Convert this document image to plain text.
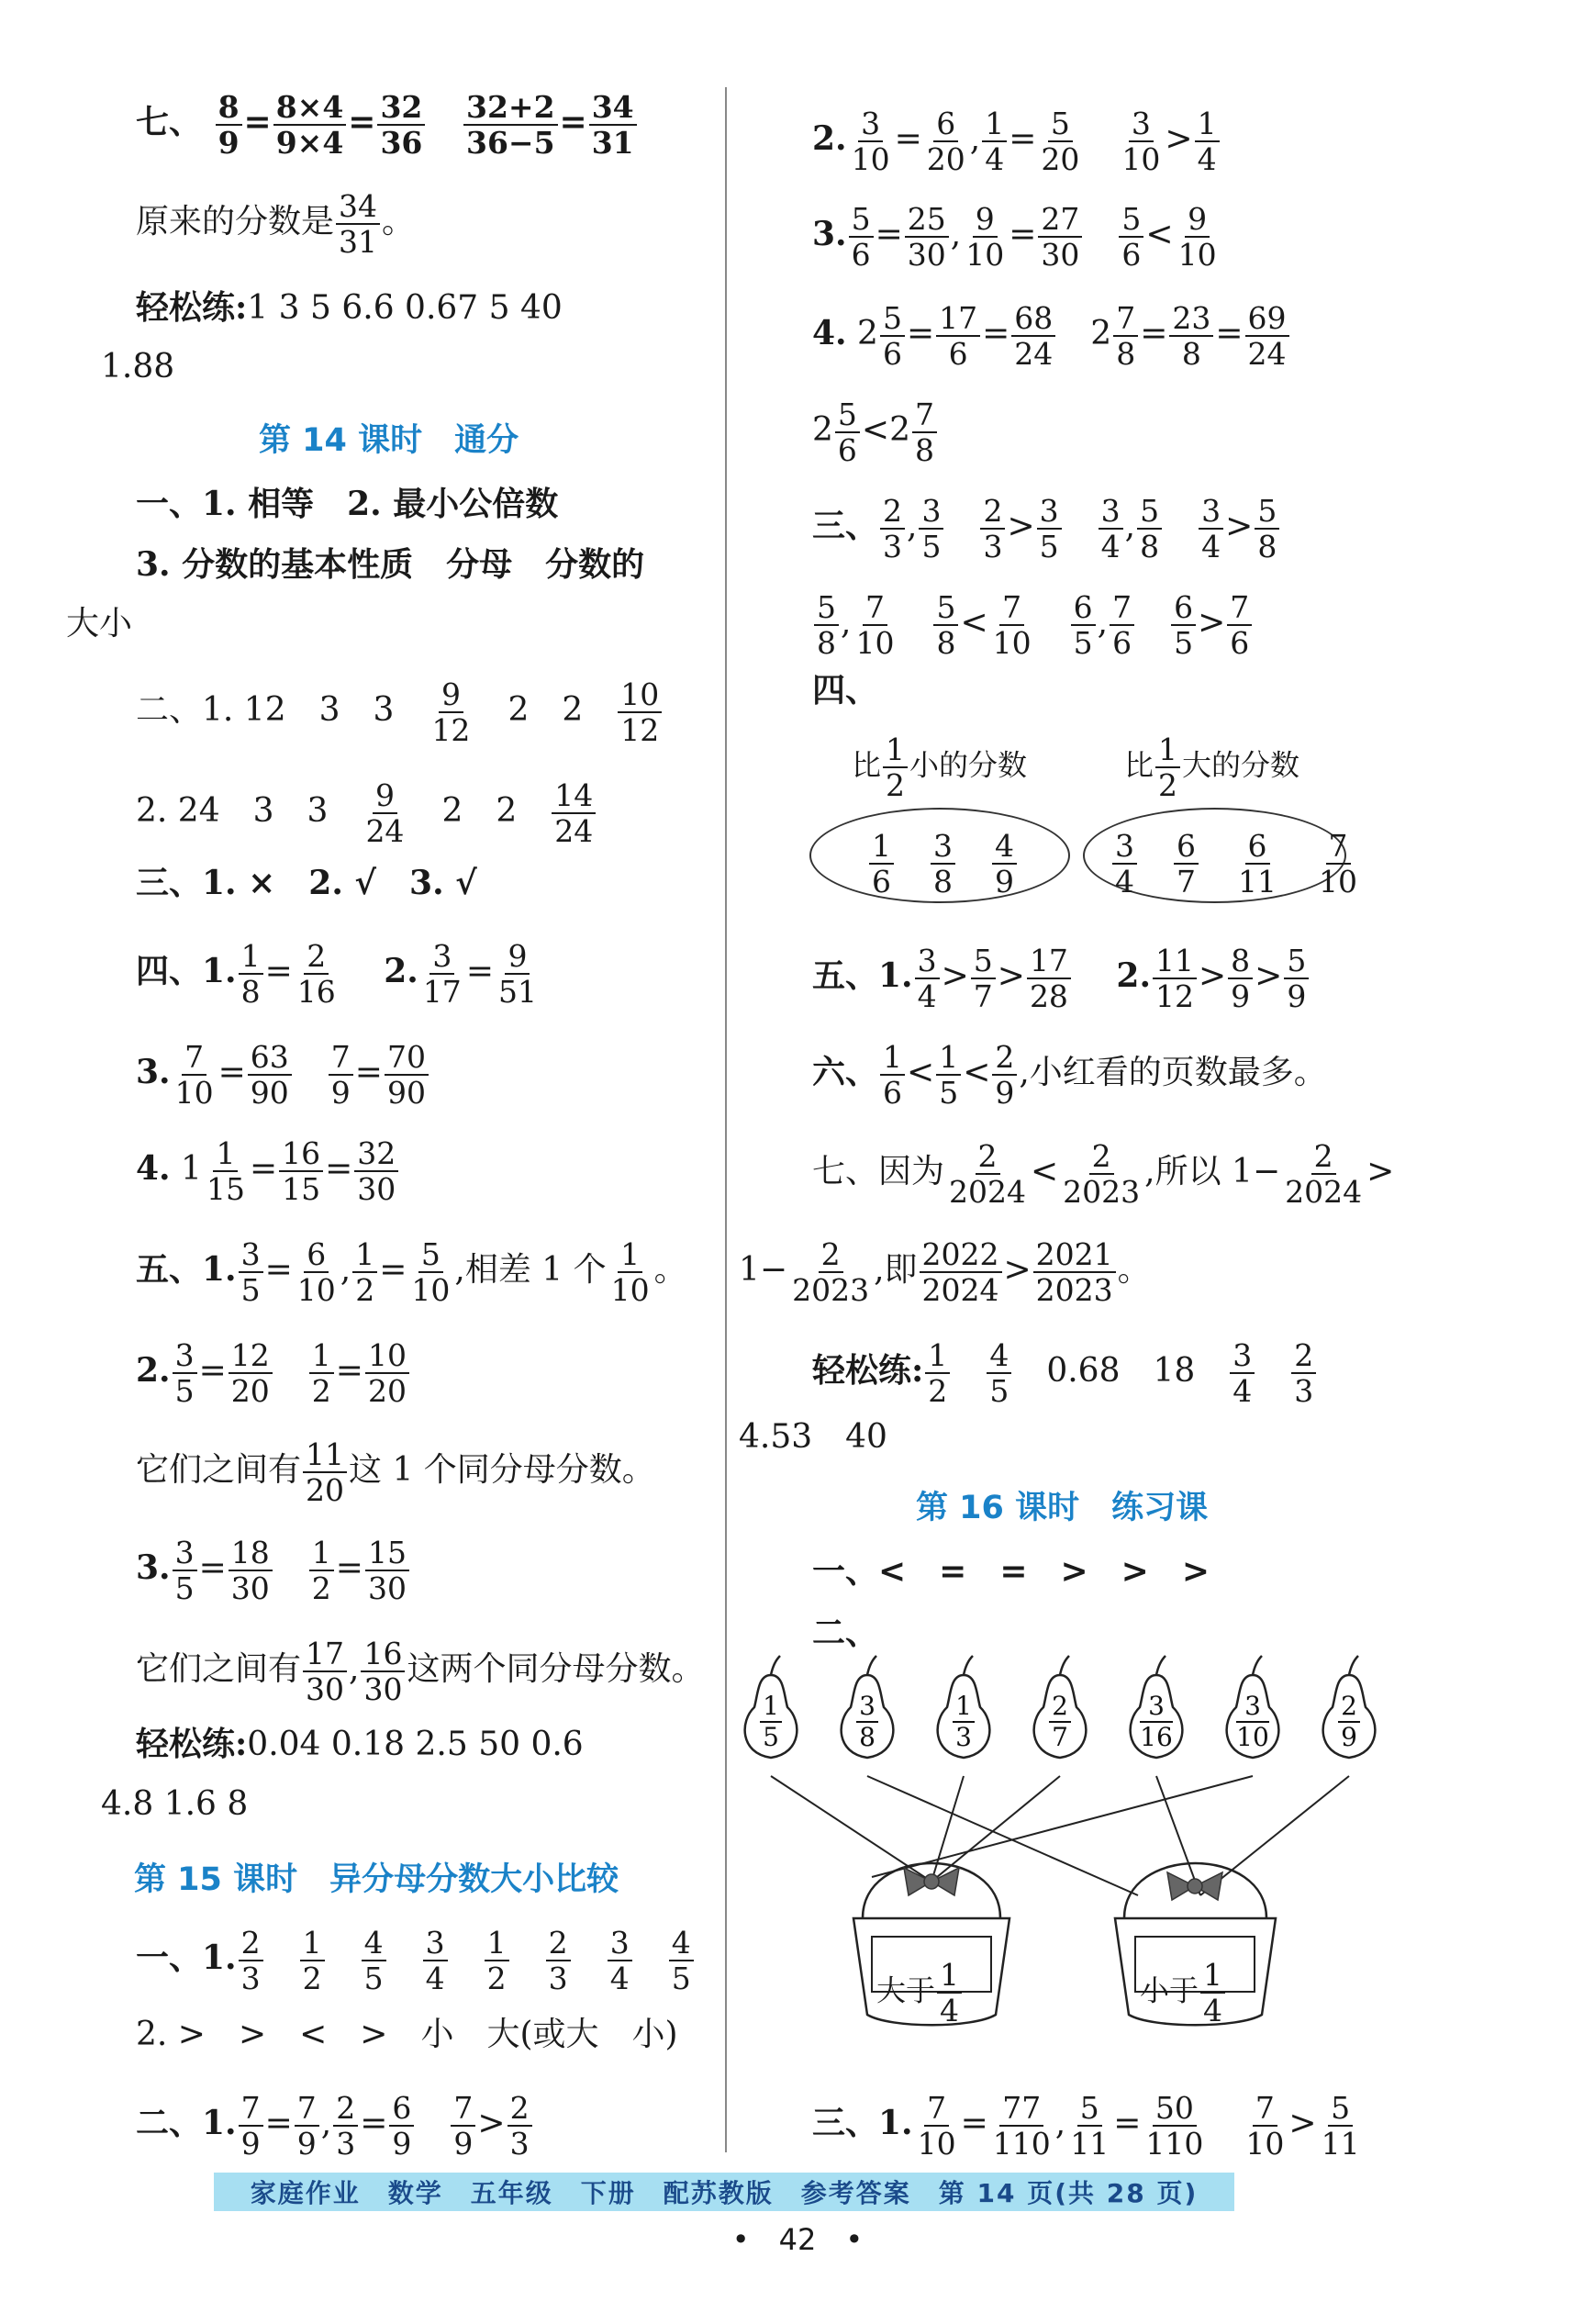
七、 $\frac{8}{9} = \frac{8\times 4}{9\times 4} = \frac{32}{36}$
$\frac{32+2}{36-5} = \frac{34}{31}$
原来的分数是 $\frac{34}{31}$ 。
轻松练:1 3 5 6.6 0.67 5 40
1.88
第 14 课时　通分
一、1. 相等　2. 最小公倍数
3. 分数的基本性质　分母　分数的
大小
二、1. 12　3　3　 $\frac{9}{12}$
　 2　2　 $\frac{10}{12}$
2. 24　3　3　 $\frac{9}{24}$
　 2　2　 $\frac{14}{24}$
三、1. ×　2. √　3. √
四、1. $\frac{1}{8} = \frac{2}{16}$
　 2. $\frac{3}{17} = \frac{9}{51}$
3. $\frac{7}{10} = \frac{63}{90}$
　 $\frac{7}{9} = \frac{70}{90}$
4. $1 \frac{1}{15} = \frac{16}{15} = \frac{32}{30}$
五、1. $\frac{3}{5} = \frac{6}{10}$ , $\frac{1}{2} = \frac{5}{10}$ ,相差 1 个 $\frac{1}{10}$ 。
2. $\frac{3}{5} = \frac{12}{20}$
　 $\frac{1}{2} = \frac{10}{20}$
它们之间有 $\frac{11}{20}$ 这 1 个同分母分数。
3. $\frac{3}{5} = \frac{18}{30}$
　 $\frac{1}{2} = \frac{15}{30}$
它们之间有 $\frac{17}{30}$ , $\frac{16}{30}$ 这两个同分母分数。
轻松练:0.04 0.18 2.5 50 0.6
4.8 1.6 8
第 15 课时　异分母分数大小比较
一、1. $\frac{2}{3}$
　 $\frac{1}{2}$
　 $\frac{4}{5}$
　 $\frac{3}{4}$
　 $\frac{1}{2}$
　 $\frac{2}{3}$
　 $\frac{3}{4}$
　 $\frac{4}{5}$
2. >　>　<　>　小　大(或大　小)
二、1. $\frac{7}{9} = \frac{7}{9}$ , $\frac{2}{3} = \frac{6}{9}$
　 $\frac{7}{9} > \frac{2}{3}$
2. $\frac{3}{10} = \frac{6}{20}$ , $\frac{1}{4} = \frac{5}{20}$
　 $\frac{3}{10} > \frac{1}{4}$
3. $\frac{5}{6} = \frac{25}{30}$ , $\frac{9}{10} = \frac{27}{30}$
　 $\frac{5}{6} < \frac{9}{10}$
4. $2 \frac{5}{6} = \frac{17}{6} = \frac{68}{24}$ 　$2 \frac{7}{8} = \frac{23}{8} = \frac{69}{24}$
$2 \frac{5}{6} <2 \frac{7}{8}$
三、 $\frac{2}{3}$ , $\frac{3}{5}$
　 $\frac{2}{3} > \frac{3}{5}$
　 $\frac{3}{4}$ , $\frac{5}{8}$
　 $\frac{3}{4} > \frac{5}{8}$
$\frac{5}{8}$ , $\frac{7}{10}$
　 $\frac{5}{8} < \frac{7}{10}$
　 $\frac{6}{5}$ , $\frac{7}{6}$
　 $\frac{6}{5} > \frac{7}{6}$
四、
比 $\frac{1}{2}$ 小的分数	比 $\frac{1}{2}$ 大的分数
$\frac{1}{6}$
　 $\frac{3}{8}$
　 $\frac{4}{9}$	$\frac{3}{4}$
　 $\frac{6}{7}$
　 $\frac{6}{11}$
　 $\frac{7}{10}$
五、1. $\frac{3}{4} > \frac{5}{7} > \frac{17}{28}$
　 2. $\frac{11}{12} > \frac{8}{9} > \frac{5}{9}$
六、 $\frac{1}{6} < \frac{1}{5} < \frac{2}{9}$ ,小红看的页数最多。
七、因为 $\frac{2}{2024} < \frac{2}{2023}$ ,所以 $1- \frac{2}{2024}$ >
$1- \frac{2}{2023}$ ,即 $\frac{2022}{2024} > \frac{2021}{2023}$ 。
轻松练: $\frac{1}{2}$
　 $\frac{4}{5}$ 　0.68　18　 $\frac{3}{4}$
　 $\frac{2}{3}$
4.53　40
第 16 课时　练习课
一、<　=　=　>　>　>
二、
1
5
3
8
1
3
2
7
3
16
3
10
2
9
大于 $\frac{1}{4}$	小于 $\frac{1}{4}$
三、1. $\frac{7}{10} = \frac{77}{110}$ , $\frac{5}{11} = \frac{50}{110}$
　 $\frac{7}{10} > \frac{5}{11}$
家庭作业　数学　五年级　下册　配苏教版　参考答案　第 14 页(共 28 页)
•　42　•
